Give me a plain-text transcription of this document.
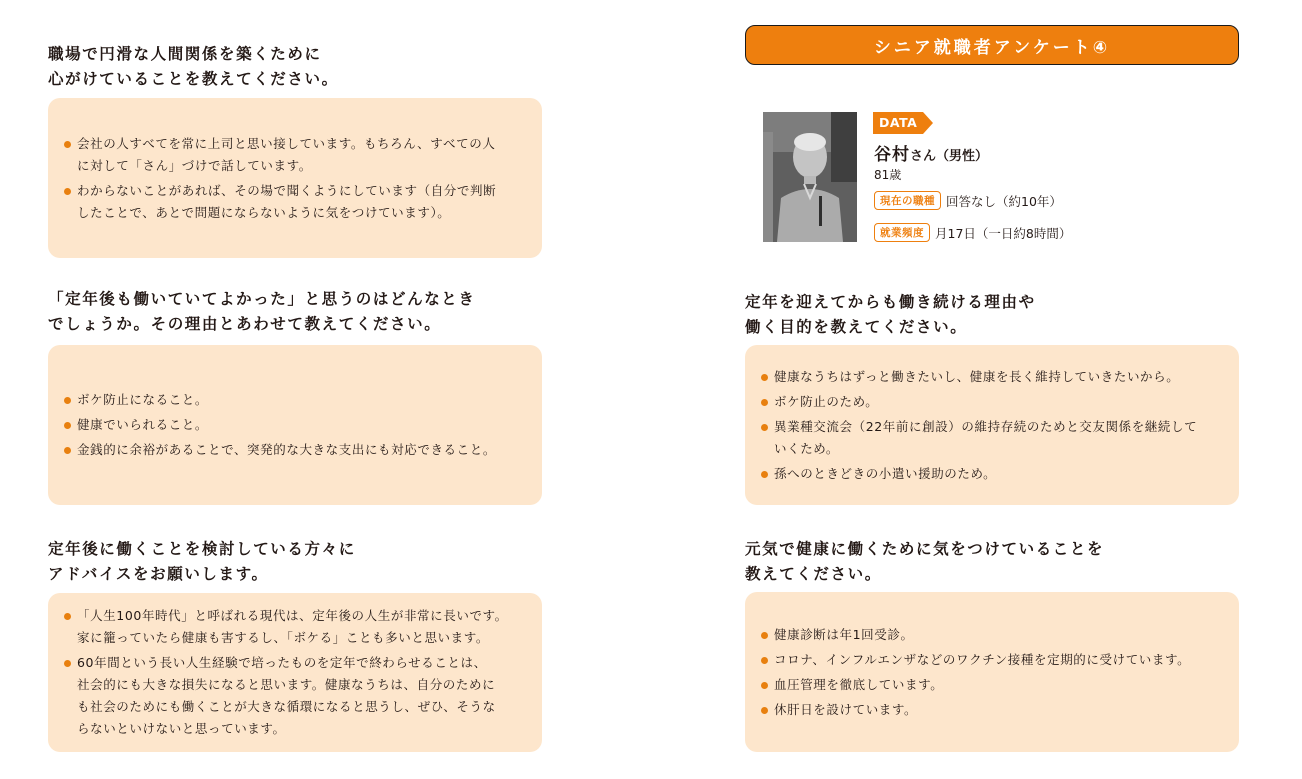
職場で円滑な人間関係を築くために
心がけていることを教えてください。
会社の人すべてを常に上司と思い接しています。もちろん、すべての人
に対して「さん」づけで話しています。
わからないことがあれば、その場で聞くようにしています（自分で判断
したことで、あとで問題にならないように気をつけています）。
「定年後も働いていてよかった」と思うのはどんなとき
でしょうか。その理由とあわせて教えてください。
ボケ防止になること。
健康でいられること。
金銭的に余裕があることで、突発的な大きな支出にも対応できること。
定年後に働くことを検討している方々に
アドバイスをお願いします。
「人生100年時代」と呼ばれる現代は、定年後の人生が非常に長いです。
家に籠っていたら健康も害するし、「ボケる」ことも多いと思います。
60年間という長い人生経験で培ったものを定年で終わらせることは、
社会的にも大きな損失になると思います。健康なうちは、自分のために
も社会のためにも働くことが大きな循環になると思うし、ぜひ、そうな
らないといけないと思っています。
シニア就職者アンケート④
DATA
谷村さん（男性）
81歳
現在の職種 回答なし（約10年）
就業頻度 月17日（一日約8時間）
定年を迎えてからも働き続ける理由や
働く目的を教えてください。
健康なうちはずっと働きたいし、健康を長く維持していきたいから。
ボケ防止のため。
異業種交流会（22年前に創設）の維持存続のためと交友関係を継続して
いくため。
孫へのときどきの小遣い援助のため。
元気で健康に働くために気をつけていることを
教えてください。
健康診断は年1回受診。
コロナ、インフルエンザなどのワクチン接種を定期的に受けています。
血圧管理を徹底しています。
休肝日を設けています。
